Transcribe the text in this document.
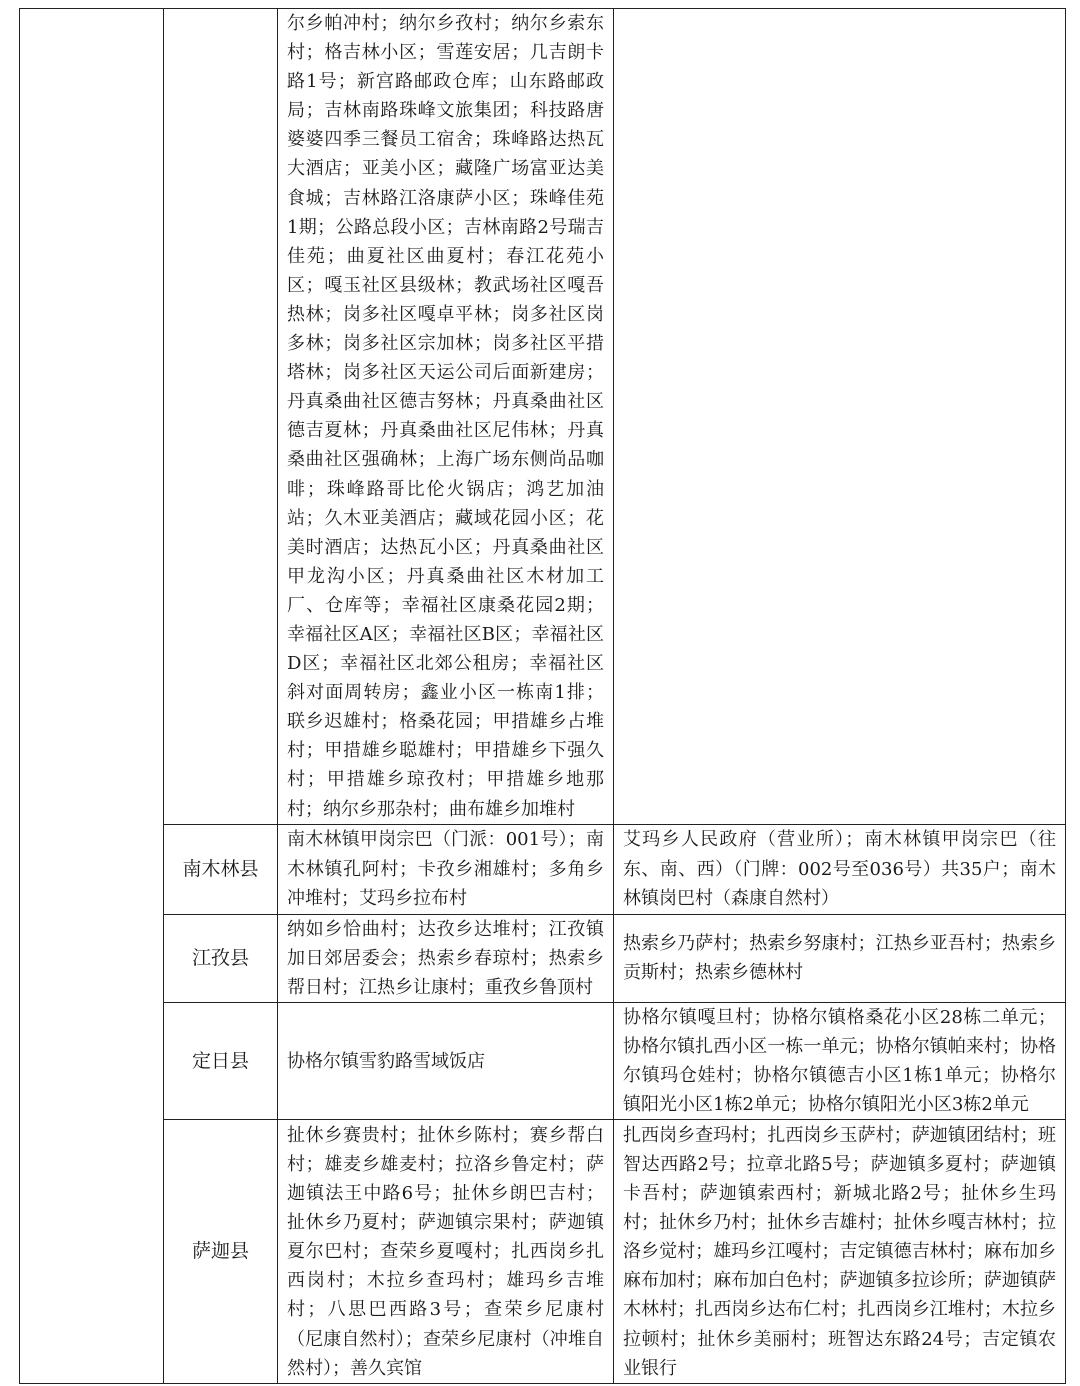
		尔乡帕冲村；纳尔乡孜村；纳尔乡索东村；格吉林小区；雪莲安居；几吉朗卡路1号；新宫路邮政仓库；山东路邮政局；吉林南路珠峰文旅集团；科技路唐婆婆四季三餐员工宿舍；珠峰路达热瓦大酒店；亚美小区；藏隆广场富亚达美食城；吉林路江洛康萨小区；珠峰佳苑1期；公路总段小区；吉林南路2号瑞吉佳苑；曲夏社区曲夏村；春江花苑小区；嘎玉社区县级林；教武场社区嘎吾热林；岗多社区嘎卓平林；岗多社区岗多林；岗多社区宗加林；岗多社区平措塔林；岗多社区天运公司后面新建房；丹真桑曲社区德吉努林；丹真桑曲社区德吉夏林；丹真桑曲社区尼伟林；丹真桑曲社区强确林；上海广场东侧尚品咖啡；珠峰路哥比伦火锅店；鸿艺加油站；久木亚美酒店；藏域花园小区；花美时酒店；达热瓦小区；丹真桑曲社区甲龙沟小区；丹真桑曲社区木材加工厂、仓库等；幸福社区康桑花园2期；幸福社区A区；幸福社区B区；幸福社区D区；幸福社区北郊公租房；幸福社区斜对面周转房；鑫业小区一栋南1排；联乡迟雄村；格桑花园；甲措雄乡占堆村；甲措雄乡聪雄村；甲措雄乡下强久村；甲措雄乡琼孜村；甲措雄乡地那村；纳尔乡那杂村；曲布雄乡加堆村	
	南木林县	南木林镇甲岗宗巴（门派：001号）；南木林镇孔阿村；卡孜乡湘雄村；多角乡冲堆村；艾玛乡拉布村	艾玛乡人民政府（营业所）；南木林镇甲岗宗巴（往东、南、西）（门牌：002号至036号）共35户；南木林镇岗巴村（森康自然村）
	江孜县	纳如乡恰曲村；达孜乡达堆村；江孜镇加日郊居委会；热索乡春琼村；热索乡帮日村；江热乡让康村；重孜乡鲁顶村	热索乡乃萨村；热索乡努康村；江热乡亚吾村；热索乡贡斯村；热索乡德林村
	定日县	协格尔镇雪豹路雪域饭店	协格尔镇嘎旦村；协格尔镇格桑花小区28栋二单元；协格尔镇扎西小区一栋一单元；协格尔镇帕来村；协格尔镇玛仓娃村；协格尔镇德吉小区1栋1单元；协格尔镇阳光小区1栋2单元；协格尔镇阳光小区3栋2单元
	萨迦县	扯休乡赛贵村；扯休乡陈村；赛乡帮白村；雄麦乡雄麦村；拉洛乡鲁定村；萨迦镇法王中路6号；扯休乡朗巴吉村；扯休乡乃夏村；萨迦镇宗果村；萨迦镇夏尔巴村；查荣乡夏嘎村；扎西岗乡扎西岗村；木拉乡查玛村；雄玛乡吉堆村；八思巴西路3号；查荣乡尼康村（尼康自然村）；查荣乡尼康村（冲堆自然村）；善久宾馆	扎西岗乡查玛村；扎西岗乡玉萨村；萨迦镇团结村；班智达西路2号；拉章北路5号；萨迦镇多夏村；萨迦镇卡吾村；萨迦镇索西村；新城北路2号；扯休乡生玛村；扯休乡乃村；扯休乡吉雄村；扯休乡嘎吉林村；拉洛乡觉村；雄玛乡江嘎村；吉定镇德吉林村；麻布加乡麻布加村；麻布加白色村；萨迦镇多拉诊所；萨迦镇萨木林村；扎西岗乡达布仁村；扎西岗乡江堆村；木拉乡拉顿村；扯休乡美丽村；班智达东路24号；吉定镇农业银行
